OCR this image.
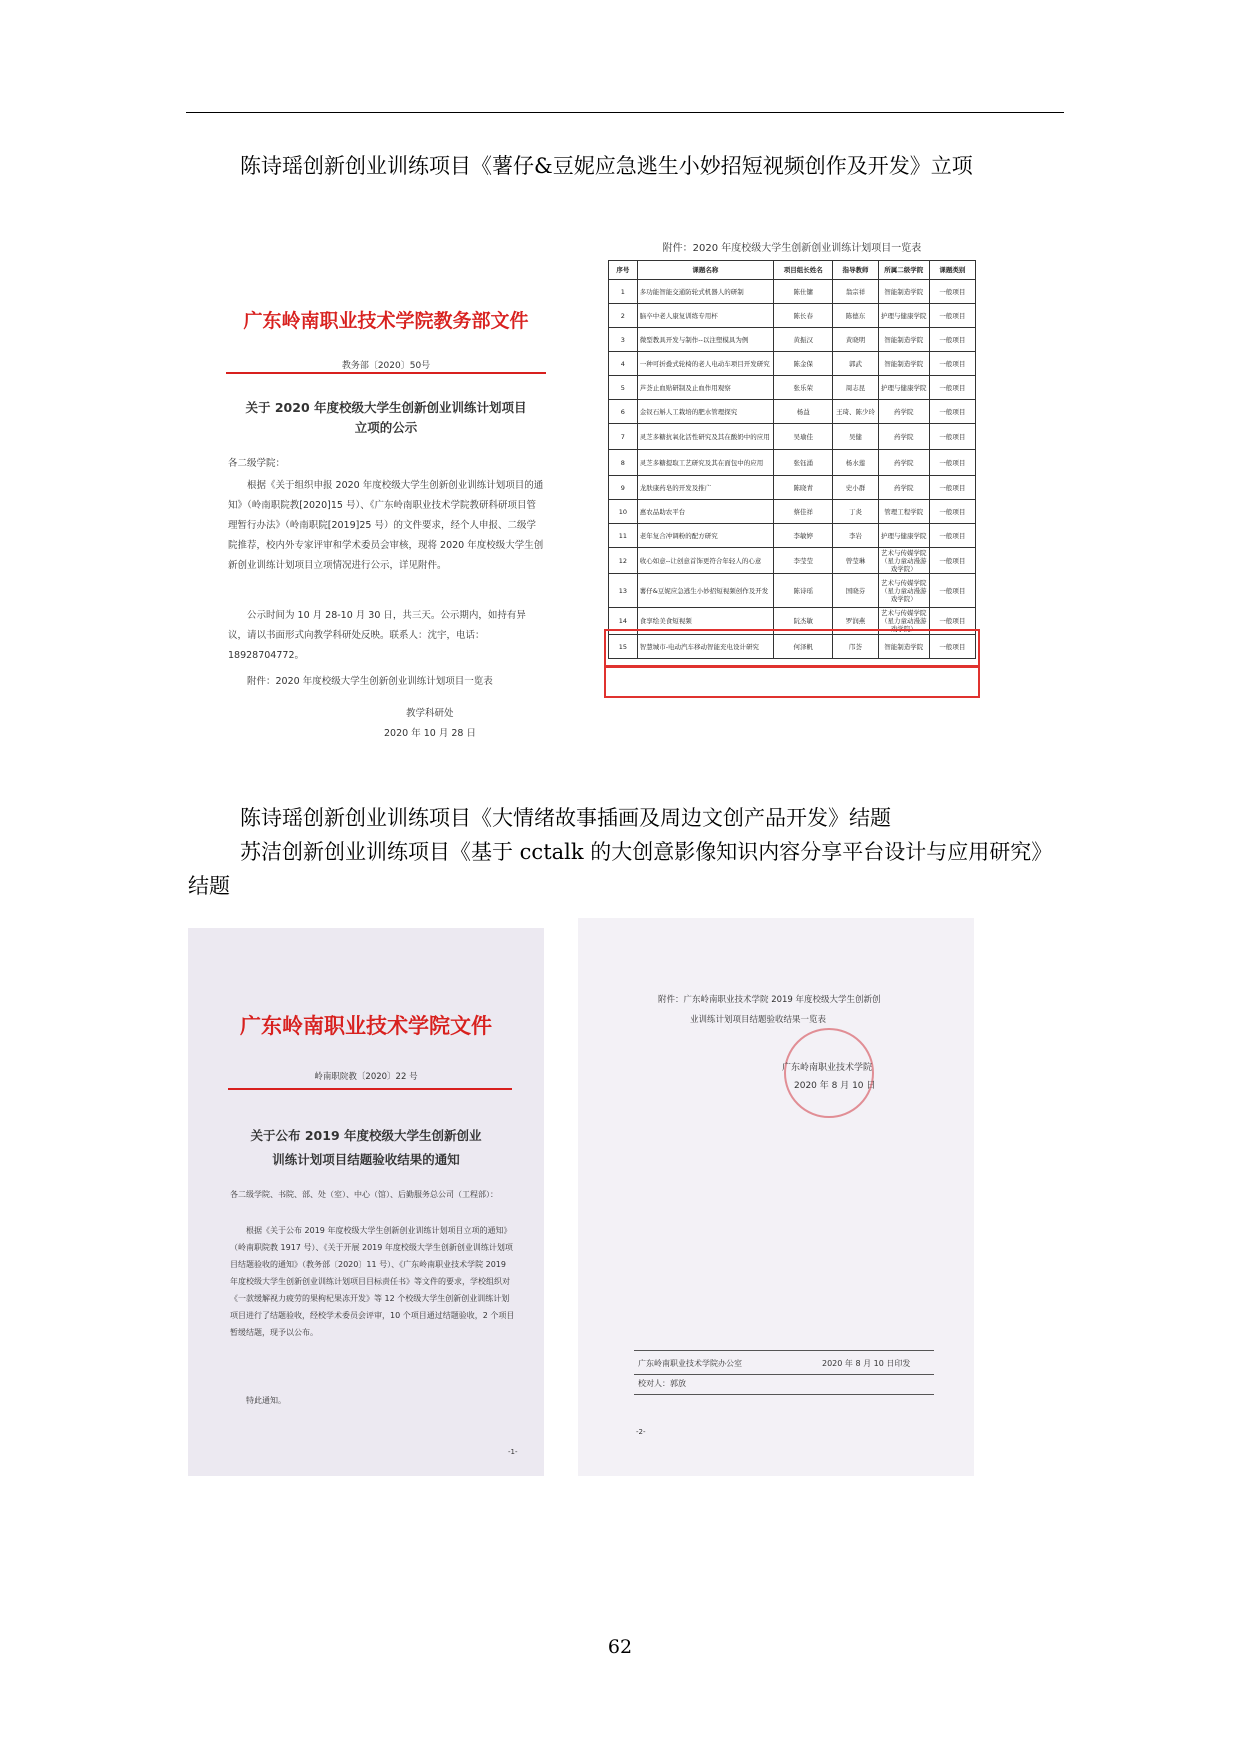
陈诗瑶创新创业训练项目《薯仔&豆妮应急逃生小妙招短视频创作及开发》立项
广东岭南职业技术学院教务部文件
教务部〔2020〕50号
关于 2020 年度校级大学生创新创业训练计划项目
立项的公示
各二级学院：
根据《关于组织申报 2020 年度校级大学生创新创业训练计划项目的通知》（岭南职院教[2020]15 号）、《广东岭南职业技术学院教研科研项目管理暂行办法》（岭南职院[2019]25 号）的文件要求，经个人申报、二级学院推荐，校内外专家评审和学术委员会审核，现将 2020 年度校级大学生创新创业训练计划项目立项情况进行公示，详见附件。
公示时间为 10 月 28-10 月 30 日，共三天。公示期内，如持有异议，请以书面形式向教学科研处反映。联系人：沈宇，电话：18928704772。
附件：2020 年度校级大学生创新创业训练计划项目一览表
教学科研处
2020 年 10 月 28 日
附件：2020 年度校级大学生创新创业训练计划项目一览表
序号	课题名称	项目组长姓名	指导教师	所属二级学院	课题类别
1	多功能智能交通防轮式机器人的研制	陈仕镛	翁宗祥	智能制造学院	一般项目
2	脑卒中老人康复训练专用杯	陈长春	陈德东	护理与健康学院	一般项目
3	微型教具开发与制作--以注塑模具为例	黄振汉	黄晓明	智能制造学院	一般项目
4	一种可折叠式轮椅的老人电动车项目开发研究	陈金保	郭武	智能制造学院	一般项目
5	芦荟止血贴研制及止血作用观察	张乐荣	周志昆	护理与健康学院	一般项目
6	金钗石斛人工栽培的肥水管理探究	杨益	王琦、陈少玲	药学院	一般项目
7	灵芝多糖抗氧化活性研究及其在酸奶中的应用	吴瑜佳	吴健	药学院	一般项目
8	灵芝多糖提取工艺研究及其在面包中的应用	张钰涌	杨水莲	药学院	一般项目
9	龙肤康药皂的开发及推广	陈晓青	史小群	药学院	一般项目
10	惠农品助农平台	蔡佳祥	丁炎	管理工程学院	一般项目
11	老年复合冲调粉的配方研究	李敏婷	李岩	护理与健康学院	一般项目
12	收心如意--让创意首饰更符合年轻人的心意	李莹莹	曾莹琳	艺术与传媒学院（星力童动漫游戏学院）	一般项目
13	薯仔&豆妮应急逃生小妙招短视频创作及开发	陈诗瑶	国晓芬	艺术与传媒学院（星力童动漫游戏学院）	一般项目
14	食享绘美食短视频	阮杰敏	罗润燕	艺术与传媒学院（星力童动漫游戏学院）	一般项目
15	智慧城市-电动汽车移动智能充电设计研究	何泽帆	邝荟	智能制造学院	一般项目
陈诗瑶创新创业训练项目《大情绪故事插画及周边文创产品开发》结题
苏洁创新创业训练项目《基于 cctalk 的大创意影像知识内容分享平台设计与应用研究》
结题
广东岭南职业技术学院文件
岭南职院教〔2020〕22 号
关于公布 2019 年度校级大学生创新创业
训练计划项目结题验收结果的通知
各二级学院、书院、部、处（室）、中心（馆）、后勤服务总公司（工程部）：
根据《关于公布 2019 年度校级大学生创新创业训练计划项目立项的通知》（岭南职院教 1917 号）、《关于开展 2019 年度校级大学生创新创业训练计划项目结题验收的通知》（教务部〔2020〕11 号）、《广东岭南职业技术学院 2019 年度校级大学生创新创业训练计划项目目标责任书》等文件的要求，学校组织对《一款缓解视力疲劳的果枸杞果冻开发》等 12 个校级大学生创新创业训练计划项目进行了结题验收，经校学术委员会评审，10 个项目通过结题验收，2 个项目暂缓结题，现予以公布。
特此通知。
-1-
附件：广东岭南职业技术学院 2019 年度校级大学生创新创
业训练计划项目结题验收结果一览表
广东岭南职业技术学院
2020 年 8 月 10 日
广东岭南职业技术学院办公室	2020 年 8 月 10 日印发
校对人：郭放
-2-
62
